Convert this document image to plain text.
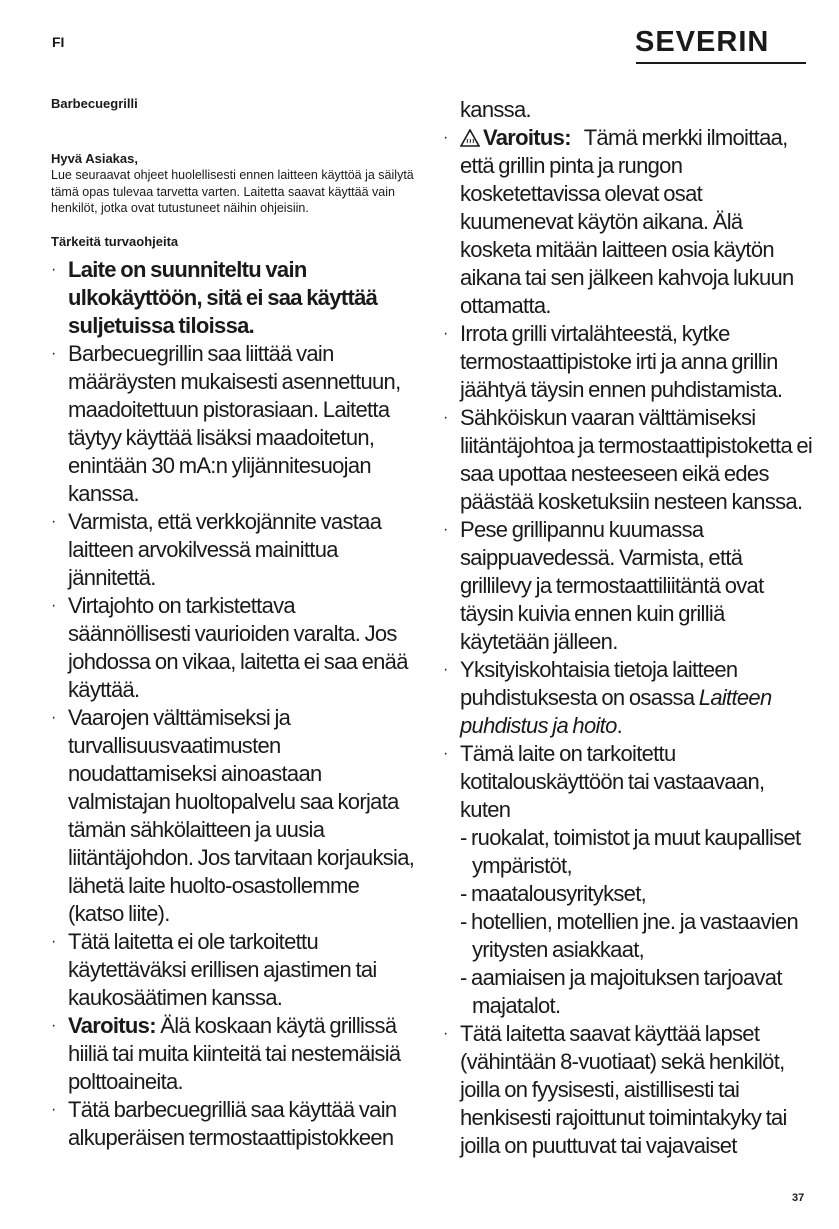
FI	SEVERIN

Barbecuegrilli

Hyvä Asiakas,

Lue seuraavat ohjeet huolellisesti ennen laitteen käyttöä ja säilytä tämä opas tulevaa tarvetta varten. Laitetta saavat käyttää vain henkilöt, jotka ovat tutustuneet näihin ohjeisiin.

Tärkeitä turvaohjeita

· Laite on suunniteltu vain ulkokäyttöön, sitä ei saa käyttää suljetuissa tiloissa.
· Barbecuegrillin saa liittää vain määräysten mukaisesti asennettuun, maadoitettuun pistorasiaan. Laitetta täytyy käyttää lisäksi maadoitetun, enintään 30 mA:n ylijännitesuojan kanssa.
· Varmista, että verkkojännite vastaa laitteen arvokilvessä mainittua jännitettä.
· Virtajohto on tarkistettava säännöllisesti vaurioiden varalta. Jos johdossa on vikaa, laitetta ei saa enää käyttää.
· Vaarojen välttämiseksi ja turvallisuusvaatimusten noudattamiseksi ainoastaan valmistajan huoltopalvelu saa korjata tämän sähkölaitteen ja uusia liitäntäjohdon. Jos tarvitaan korjauksia, lähetä laite huolto-osastollemme (katso liite).
· Tätä laitetta ei ole tarkoitettu käytettäväksi erillisen ajastimen tai kaukosäätimen kanssa.
· Varoitus: Älä koskaan käytä grillissä hiiliä tai muita kiinteitä tai nestemäisiä polttoaineita.
· Tätä barbecuegrilliä saa käyttää vain alkuperäisen termostaattipistokkeen

kanssa.

· Varoitus: Tämä merkki ilmoittaa, että grillin pinta ja rungon kosketettavissa olevat osat kuumenevat käytön aikana. Älä kosketa mitään laitteen osia käytön aikana tai sen jälkeen kahvoja lukuun ottamatta.
· Irrota grilli virtalähteestä, kytke termostaattipistoke irti ja anna grillin jäähtyä täysin ennen puhdistamista.
· Sähköiskun vaaran välttämiseksi liitäntäjohtoa ja termostaattipistoketta ei saa upottaa nesteeseen eikä edes päästää kosketuksiin nesteen kanssa.
· Pese grillipannu kuumassa saippuavedessä. Varmista, että grillilevy ja termostaattiliitäntä ovat täysin kuivia ennen kuin grilliä käytetään jälleen.
· Yksityiskohtaisia tietoja laitteen puhdistuksesta on osassa Laitteen puhdistus ja hoito.
· Tämä laite on tarkoitettu kotitalouskäyttöön tai vastaavaan, kuten
- ruokalat, toimistot ja muut kaupalliset ympäristöt,
- maatalousyritykset,
- hotellien, motellien jne. ja vastaavien yritysten asiakkaat,
- aamiaisen ja majoituksen tarjoavat majatalot.
· Tätä laitetta saavat käyttää lapset (vähintään 8-vuotiaat) sekä henkilöt, joilla on fyysisesti, aistillisesti tai henkisesti rajoittunut toimintakyky tai joilla on puuttuvat tai vajavaiset
37
